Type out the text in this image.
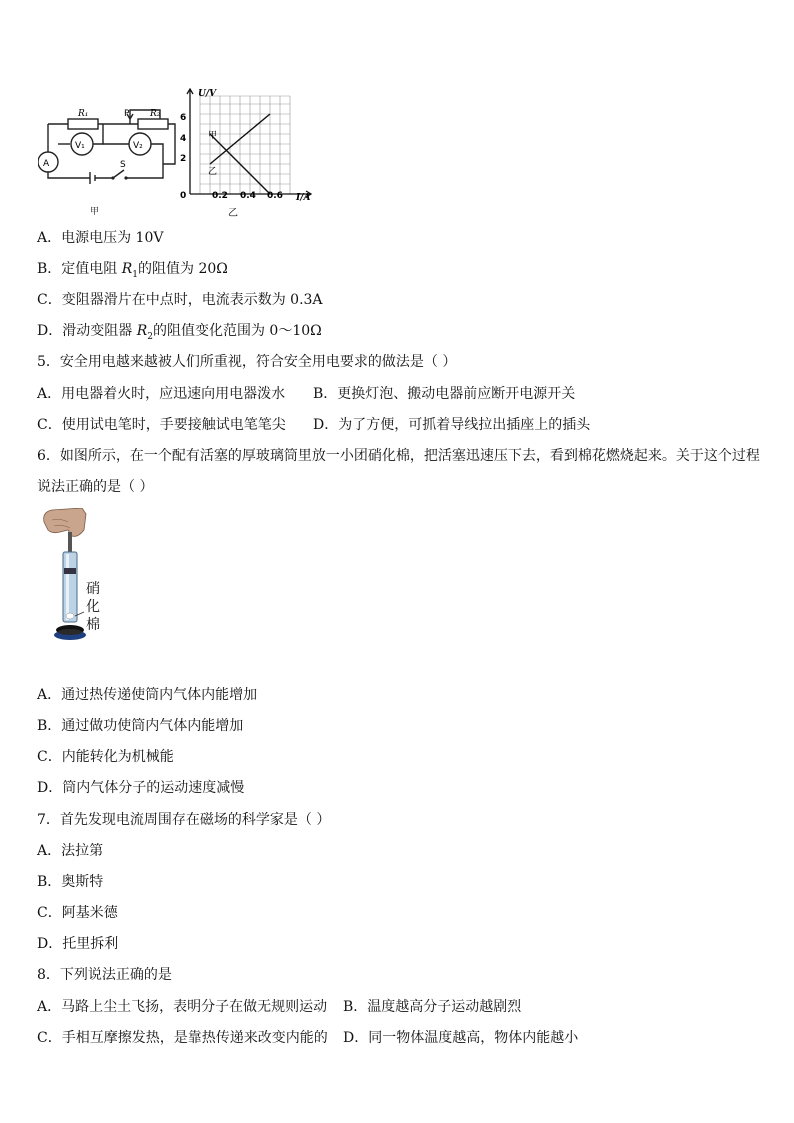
R₁	P R₂
A
V₁	V₂
S
甲
U/V
I/A
6
4
2
0	0.2 0.4 0.6
甲
乙
乙
A．电源电压为 10V
B．定值电阻 $R_1$的阻值为 20Ω
C．变阻器滑片在中点时，电流表示数为 0.3A
D．滑动变阻器 $R_2$的阻值变化范围为 0～10Ω
5．安全用电越来越被人们所重视，符合安全用电要求的做法是（ ）
A．用电器着火时，应迅速向用电器泼水 B．更换灯泡、搬动电器前应断开电源开关
C．使用试电笔时，手要接触试电笔笔尖 D．为了方便，可抓着导线拉出插座上的插头
6．如图所示，在一个配有活塞的厚玻璃筒里放一小团硝化棉，把活塞迅速压下去，看到棉花燃烧起来。关于这个过程
说法正确的是（ ）
硝
化
棉
A．通过热传递使筒内气体内能增加
B．通过做功使筒内气体内能增加
C．内能转化为机械能
D．筒内气体分子的运动速度减慢
7．首先发现电流周围存在磁场的科学家是（ ）
A．法拉第
B．奥斯特
C．阿基米德
D．托里拆利
8．下列说法正确的是
A．马路上尘土飞扬，表明分子在做无规则运动 B．温度越高分子运动越剧烈
C．手相互摩擦发热，是靠热传递来改变内能的 D．同一物体温度越高，物体内能越小
